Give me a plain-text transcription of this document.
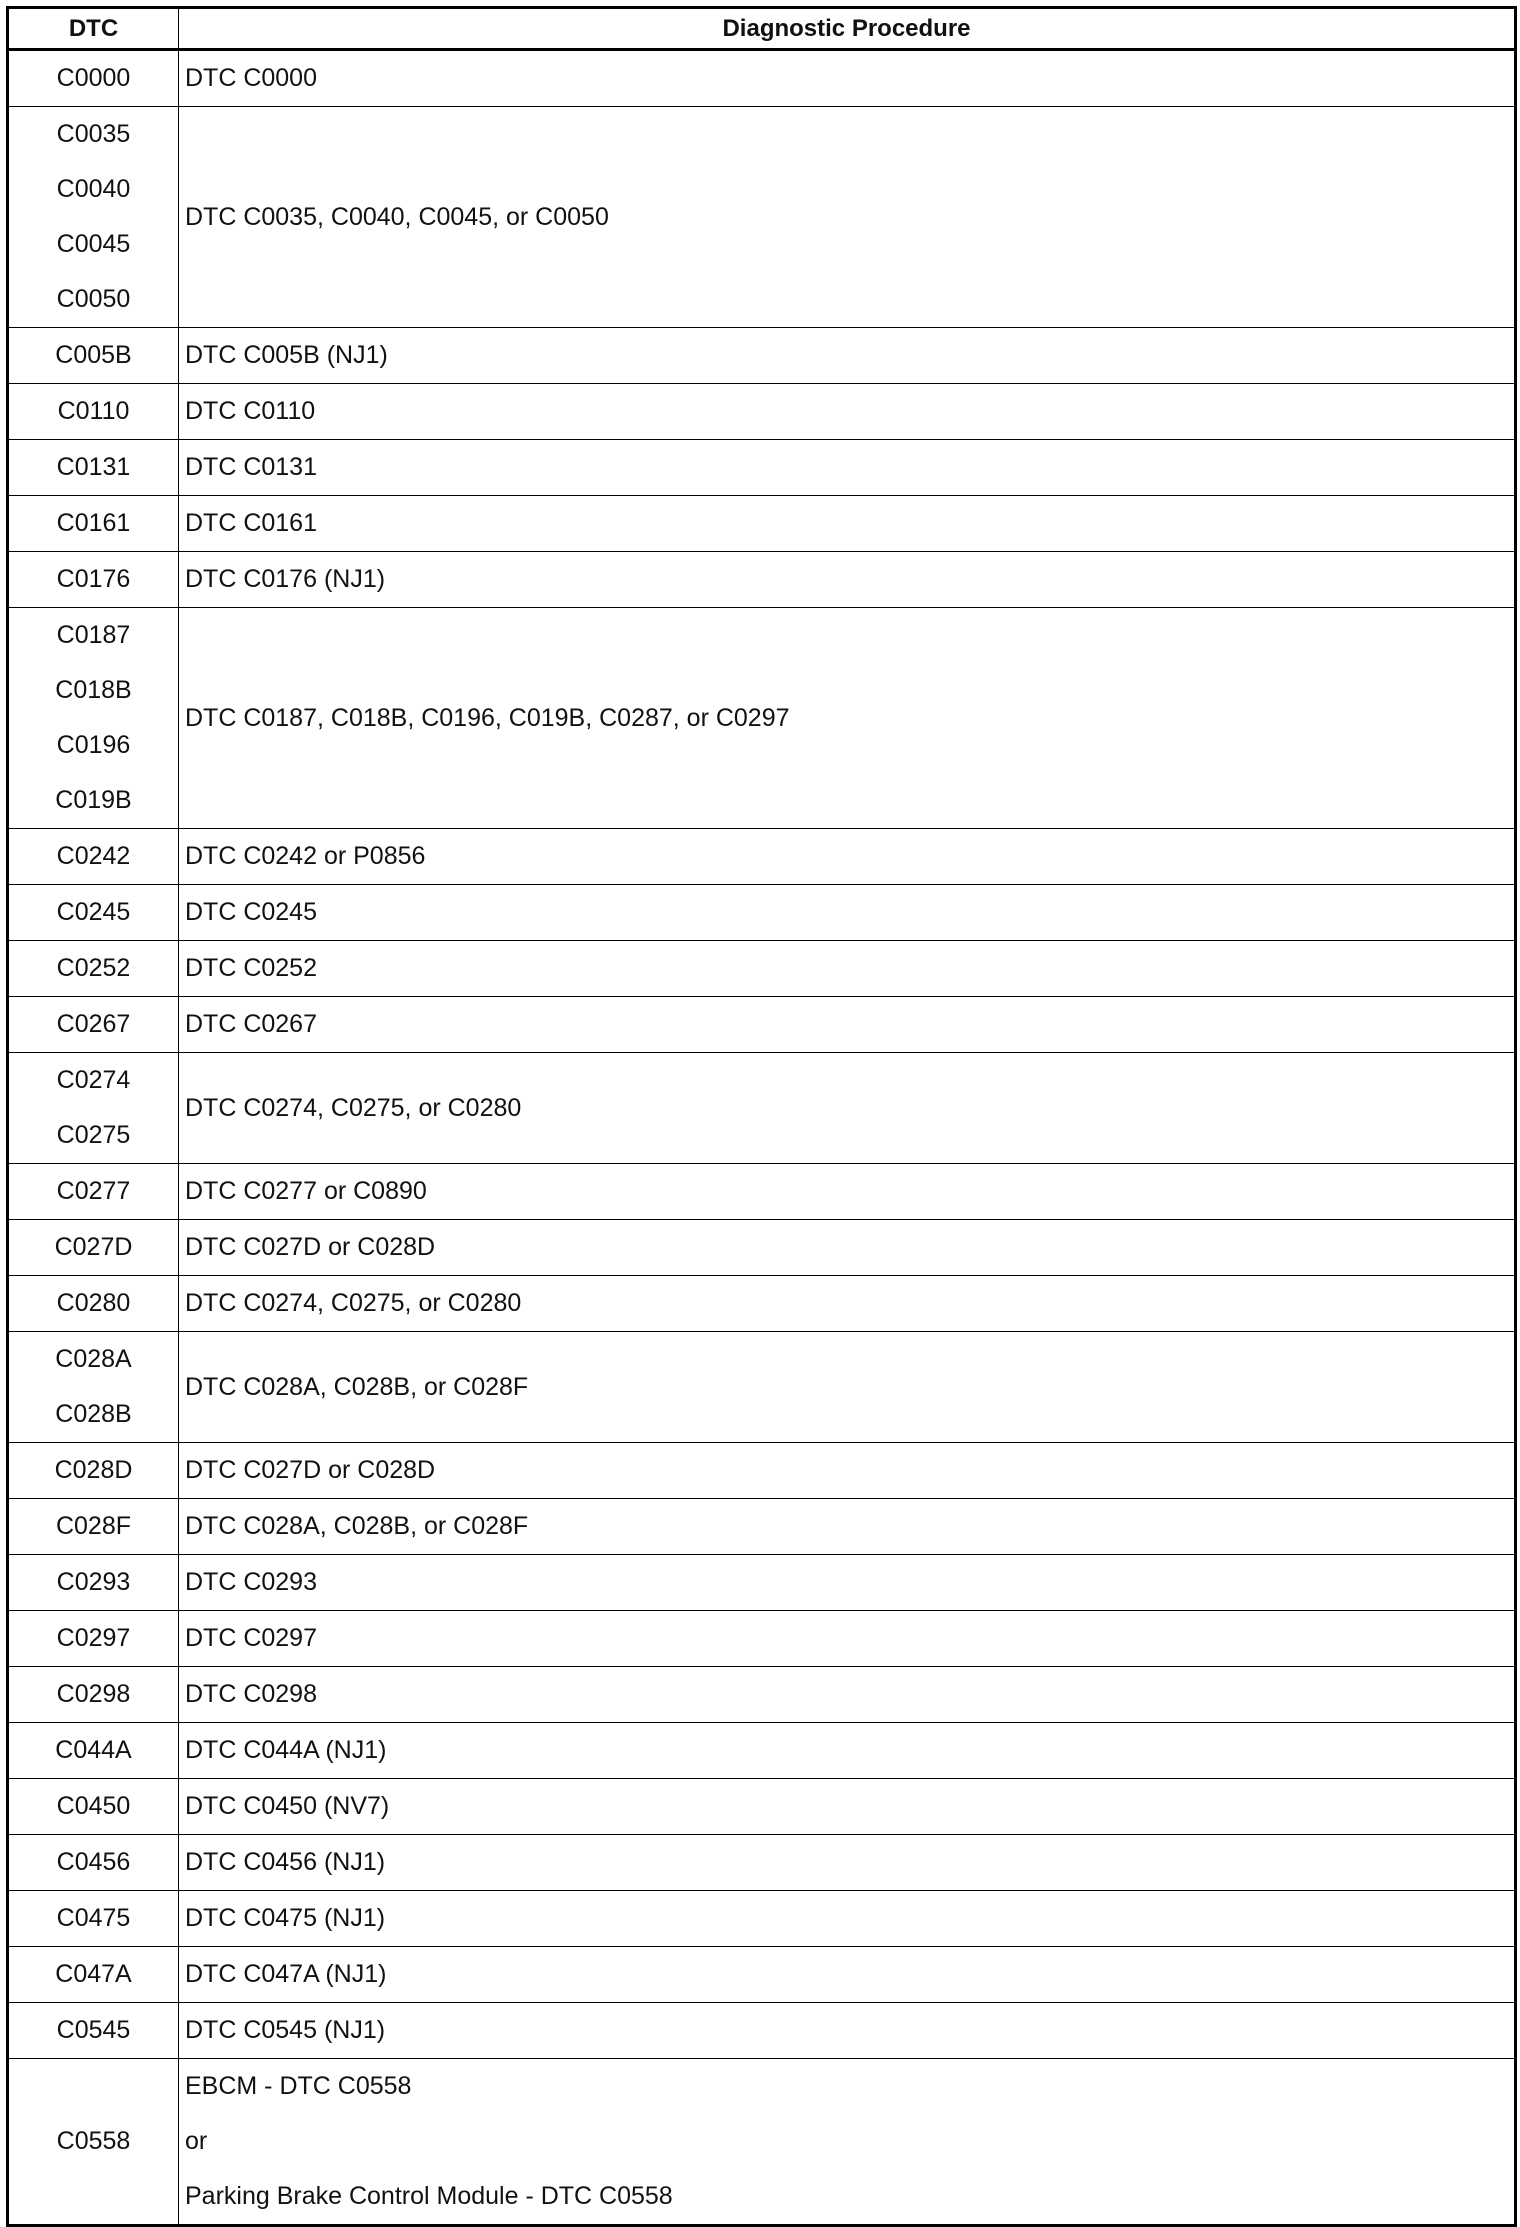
DTC	Diagnostic Procedure

C0000	DTC C0000

C0035
C0040
C0045
C0050	DTC C0035, C0040, C0045, or C0050

C005B	DTC C005B (NJ1)

C0110	DTC C0110

C0131	DTC C0131

C0161	DTC C0161

C0176	DTC C0176 (NJ1)

C0187
C018B
C0196
C019B	DTC C0187, C018B, C0196, C019B, C0287, or C0297

C0242	DTC C0242 or P0856

C0245	DTC C0245

C0252	DTC C0252

C0267	DTC C0267

C0274
C0275	DTC C0274, C0275, or C0280

C0277	DTC C0277 or C0890

C027D	DTC C027D or C028D

C0280	DTC C0274, C0275, or C0280

C028A
C028B	DTC C028A, C028B, or C028F

C028D	DTC C027D or C028D

C028F	DTC C028A, C028B, or C028F

C0293	DTC C0293

C0297	DTC C0297

C0298	DTC C0298

C044A	DTC C044A (NJ1)

C0450	DTC C0450 (NV7)

C0456	DTC C0456 (NJ1)

C0475	DTC C0475 (NJ1)

C047A	DTC C047A (NJ1)

C0545	DTC C0545 (NJ1)

C0558	EBCM - DTC C0558
or
Parking Brake Control Module - DTC C0558
